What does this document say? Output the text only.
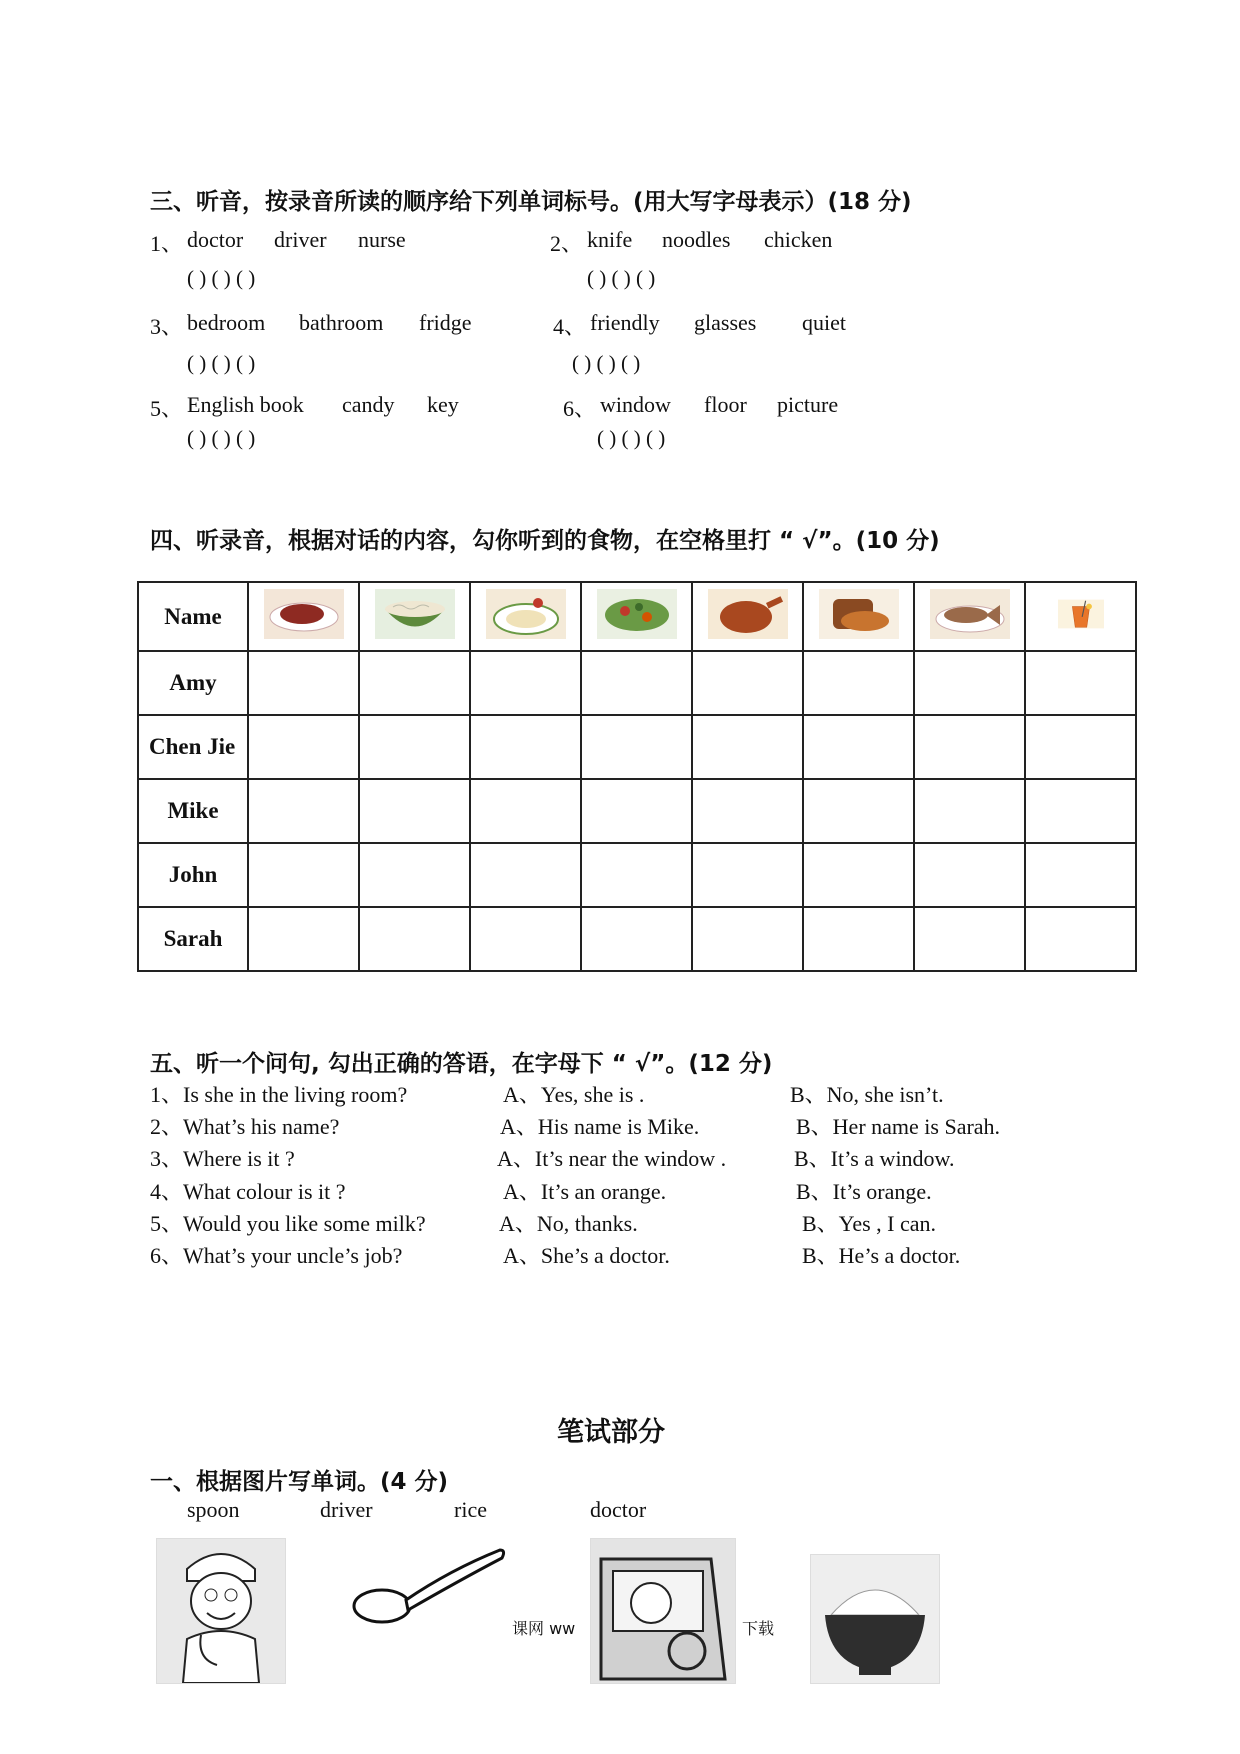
三、听音，按录音所读的顺序给下列单词标号。(用大写字母表示）(18 分)
1、 doctor driver nurse
( ) ( ) ( )
2、 knife noodles chicken
( ) ( ) ( )
3、 bedroom bathroom fridge
( ) ( ) ( )
4、 friendly glasses quiet
( ) ( ) ( )
5、 English book candy key
( ) ( ) ( )
6、 window floor picture
( ) ( ) ( )
四、听录音，根据对话的内容，勾你听到的食物，在空格里打 “ √”。(10 分)
Name								
Amy								
Chen Jie								
Mike								
John								
Sarah								
五、听一个问句, 勾出正确的答语，在字母下 “ √”。(12 分)
1、Is she in the living room?	A、Yes, she is .	B、No, she isn’t.
2、What’s his name?	A、His name is Mike.	B、Her name is Sarah.
3、Where is it ?	A、It’s near the window .	B、It’s a window.
4、What colour is it ?	A、It’s an orange.	B、It’s orange.
5、Would you like some milk?	A、No, thanks.	B、Yes , I can.
6、What’s your uncle’s job?	A、She’s a doctor.	B、He’s a doctor.
笔试部分
一、根据图片写单词。(4 分)
spoon	driver	rice	doctor
课网 ww	下载
